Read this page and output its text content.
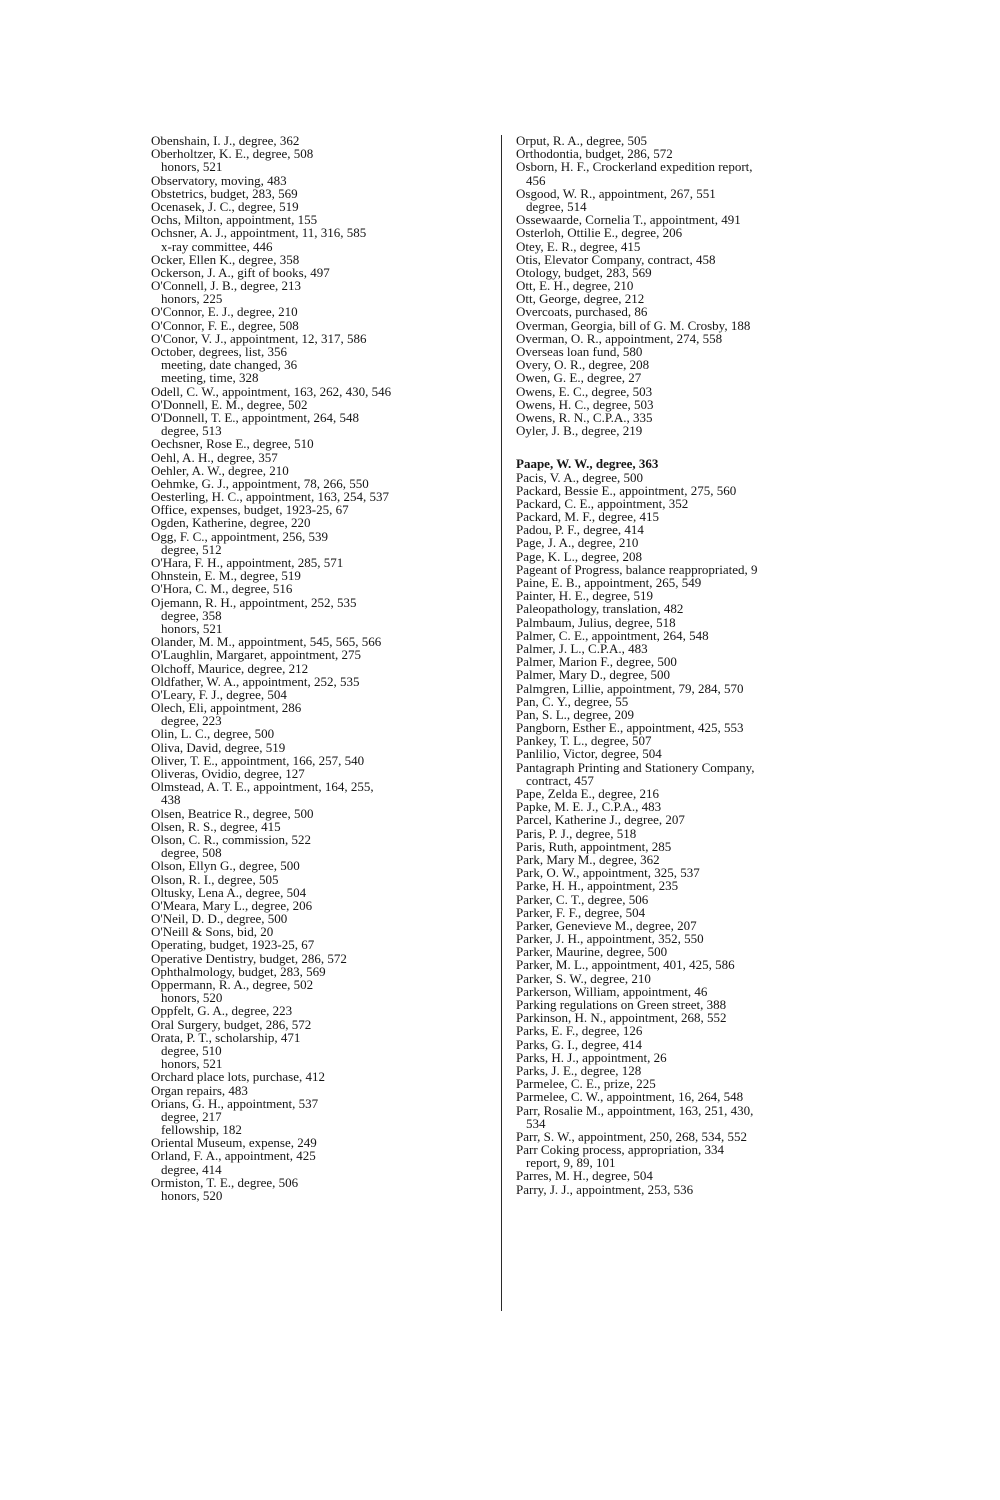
Obenshain, I. J., degree, 362
Oberholtzer, K. E., degree, 508
honors, 521
Observatory, moving, 483
Obstetrics, budget, 283, 569
Ocenasek, J. C., degree, 519
Ochs, Milton, appointment, 155
Ochsner, A. J., appointment, 11, 316, 585
x-ray committee, 446
Ocker, Ellen K., degree, 358
Ockerson, J. A., gift of books, 497
O'Connell, J. B., degree, 213
honors, 225
O'Connor, E. J., degree, 210
O'Connor, F. E., degree, 508
O'Conor, V. J., appointment, 12, 317, 586
October, degrees, list, 356
meeting, date changed, 36
meeting, time, 328
Odell, C. W., appointment, 163, 262, 430, 546
O'Donnell, E. M., degree, 502
O'Donnell, T. E., appointment, 264, 548
degree, 513
Oechsner, Rose E., degree, 510
Oehl, A. H., degree, 357
Oehler, A. W., degree, 210
Oehmke, G. J., appointment, 78, 266, 550
Oesterling, H. C., appointment, 163, 254, 537
Office, expenses, budget, 1923-25, 67
Ogden, Katherine, degree, 220
Ogg, F. C., appointment, 256, 539
degree, 512
O'Hara, F. H., appointment, 285, 571
Ohnstein, E. M., degree, 519
O'Hora, C. M., degree, 516
Ojemann, R. H., appointment, 252, 535
degree, 358
honors, 521
Olander, M. M., appointment, 545, 565, 566
O'Laughlin, Margaret, appointment, 275
Olchoff, Maurice, degree, 212
Oldfather, W. A., appointment, 252, 535
O'Leary, F. J., degree, 504
Olech, Eli, appointment, 286
degree, 223
Olin, L. C., degree, 500
Oliva, David, degree, 519
Oliver, T. E., appointment, 166, 257, 540
Oliveras, Ovidio, degree, 127
Olmstead, A. T. E., appointment, 164, 255,
438
Olsen, Beatrice R., degree, 500
Olsen, R. S., degree, 415
Olson, C. R., commission, 522
degree, 508
Olson, Ellyn G., degree, 500
Olson, R. I., degree, 505
Oltusky, Lena A., degree, 504
O'Meara, Mary L., degree, 206
O'Neil, D. D., degree, 500
O'Neill & Sons, bid, 20
Operating, budget, 1923-25, 67
Operative Dentistry, budget, 286, 572
Ophthalmology, budget, 283, 569
Oppermann, R. A., degree, 502
honors, 520
Oppfelt, G. A., degree, 223
Oral Surgery, budget, 286, 572
Orata, P. T., scholarship, 471
degree, 510
honors, 521
Orchard place lots, purchase, 412
Organ repairs, 483
Orians, G. H., appointment, 537
degree, 217
fellowship, 182
Oriental Museum, expense, 249
Orland, F. A., appointment, 425
degree, 414
Ormiston, T. E., degree, 506
honors, 520
Orput, R. A., degree, 505
Orthodontia, budget, 286, 572
Osborn, H. F., Crockerland expedition report,
456
Osgood, W. R., appointment, 267, 551
degree, 514
Ossewaarde, Cornelia T., appointment, 491
Osterloh, Ottilie E., degree, 206
Otey, E. R., degree, 415
Otis, Elevator Company, contract, 458
Otology, budget, 283, 569
Ott, E. H., degree, 210
Ott, George, degree, 212
Overcoats, purchased, 86
Overman, Georgia, bill of G. M. Crosby, 188
Overman, O. R., appointment, 274, 558
Overseas loan fund, 580
Overy, O. R., degree, 208
Owen, G. E., degree, 27
Owens, E. C., degree, 503
Owens, H. C., degree, 503
Owens, R. N., C.P.A., 335
Oyler, J. B., degree, 219
Paape, W. W., degree, 363
Pacis, V. A., degree, 500
Packard, Bessie E., appointment, 275, 560
Packard, C. E., appointment, 352
Packard, M. F., degree, 415
Padou, P. F., degree, 414
Page, J. A., degree, 210
Page, K. L., degree, 208
Pageant of Progress, balance reappropriated, 9
Paine, E. B., appointment, 265, 549
Painter, H. E., degree, 519
Paleopathology, translation, 482
Palmbaum, Julius, degree, 518
Palmer, C. E., appointment, 264, 548
Palmer, J. L., C.P.A., 483
Palmer, Marion F., degree, 500
Palmer, Mary D., degree, 500
Palmgren, Lillie, appointment, 79, 284, 570
Pan, C. Y., degree, 55
Pan, S. L., degree, 209
Pangborn, Esther E., appointment, 425, 553
Pankey, T. L., degree, 507
Panlilio, Victor, degree, 504
Pantagraph Printing and Stationery Company,
contract, 457
Pape, Zelda E., degree, 216
Papke, M. E. J., C.P.A., 483
Parcel, Katherine J., degree, 207
Paris, P. J., degree, 518
Paris, Ruth, appointment, 285
Park, Mary M., degree, 362
Park, O. W., appointment, 325, 537
Parke, H. H., appointment, 235
Parker, C. T., degree, 506
Parker, F. F., degree, 504
Parker, Genevieve M., degree, 207
Parker, J. H., appointment, 352, 550
Parker, Maurine, degree, 500
Parker, M. L., appointment, 401, 425, 586
Parker, S. W., degree, 210
Parkerson, William, appointment, 46
Parking regulations on Green street, 388
Parkinson, H. N., appointment, 268, 552
Parks, E. F., degree, 126
Parks, G. I., degree, 414
Parks, H. J., appointment, 26
Parks, J. E., degree, 128
Parmelee, C. E., prize, 225
Parmelee, C. W., appointment, 16, 264, 548
Parr, Rosalie M., appointment, 163, 251, 430,
534
Parr, S. W., appointment, 250, 268, 534, 552
Parr Coking process, appropriation, 334
report, 9, 89, 101
Parres, M. H., degree, 504
Parry, J. J., appointment, 253, 536
